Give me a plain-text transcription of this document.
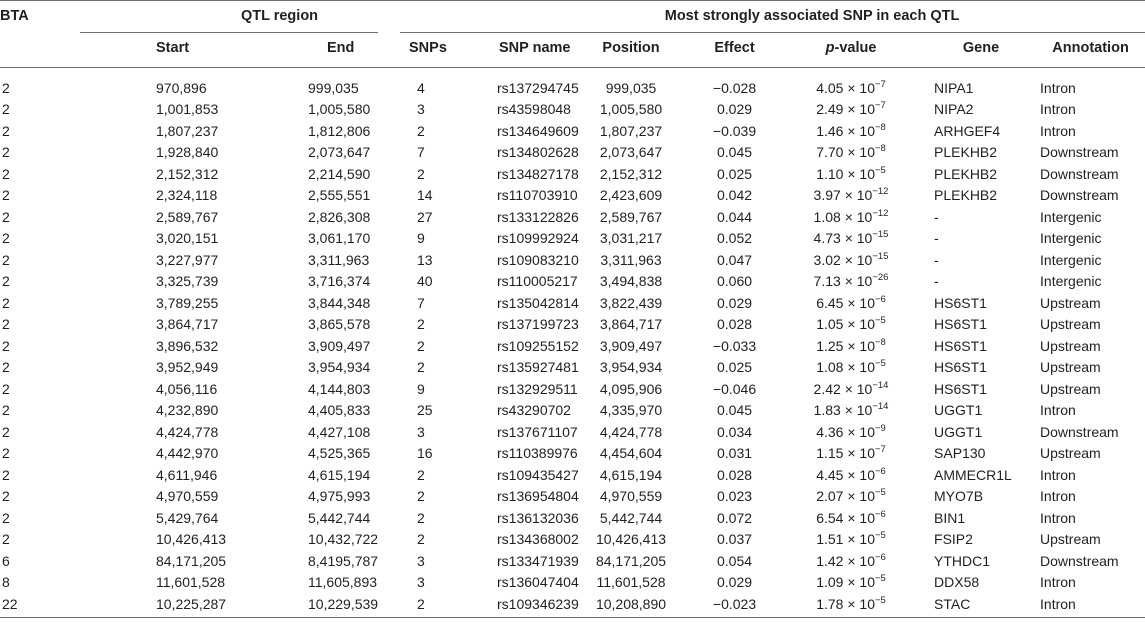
BTA	QTL region			Most strongly associated SNP in each QTL					
	Start	End	SNPs	SNP name	Position	Effect	p-value	Gene	Annotation
2	970,896	999,035	4	rs137294745	999,035	−0.028	$4.05 \times 10^{-7}$	NIPA1	Intron
2	1,001,853	1,005,580	3	rs43598048	1,005,580	0.029	$2.49 \times 10^{-7}$	NIPA2	Intron
2	1,807,237	1,812,806	2	rs134649609	1,807,237	−0.039	$1.46 \times 10^{-8}$	ARHGEF4	Intron
2	1,928,840	2,073,647	7	rs134802628	2,073,647	0.045	$7.70 \times 10^{-8}$	PLEKHB2	Downstream
2	2,152,312	2,214,590	2	rs134827178	2,152,312	0.025	$1.10 \times 10^{-5}$	PLEKHB2	Downstream
2	2,324,118	2,555,551	14	rs110703910	2,423,609	0.042	$3.97 \times 10^{-12}$	PLEKHB2	Downstream
2	2,589,767	2,826,308	27	rs133122826	2,589,767	0.044	$1.08 \times 10^{-12}$	-	Intergenic
2	3,020,151	3,061,170	9	rs109992924	3,031,217	0.052	$4.73 \times 10^{-15}$	-	Intergenic
2	3,227,977	3,311,963	13	rs109083210	3,311,963	0.047	$3.02 \times 10^{-15}$	-	Intergenic
2	3,325,739	3,716,374	40	rs110005217	3,494,838	0.060	$7.13 \times 10^{-26}$	-	Intergenic
2	3,789,255	3,844,348	7	rs135042814	3,822,439	0.029	$6.45 \times 10^{-6}$	HS6ST1	Upstream
2	3,864,717	3,865,578	2	rs137199723	3,864,717	0.028	$1.05 \times 10^{-5}$	HS6ST1	Upstream
2	3,896,532	3,909,497	2	rs109255152	3,909,497	−0.033	$1.25 \times 10^{-8}$	HS6ST1	Upstream
2	3,952,949	3,954,934	2	rs135927481	3,954,934	0.025	$1.08 \times 10^{-5}$	HS6ST1	Upstream
2	4,056,116	4,144,803	9	rs132929511	4,095,906	−0.046	$2.42 \times 10^{-14}$	HS6ST1	Upstream
2	4,232,890	4,405,833	25	rs43290702	4,335,970	0.045	$1.83 \times 10^{-14}$	UGGT1	Intron
2	4,424,778	4,427,108	3	rs137671107	4,424,778	0.034	$4.36 \times 10^{-9}$	UGGT1	Downstream
2	4,442,970	4,525,365	16	rs110389976	4,454,604	0.031	$1.15 \times 10^{-7}$	SAP130	Upstream
2	4,611,946	4,615,194	2	rs109435427	4,615,194	0.028	$4.45 \times 10^{-6}$	AMMECR1L	Intron
2	4,970,559	4,975,993	2	rs136954804	4,970,559	0.023	$2.07 \times 10^{-5}$	MYO7B	Intron
2	5,429,764	5,442,744	2	rs136132036	5,442,744	0.072	$6.54 \times 10^{-6}$	BIN1	Intron
2	10,426,413	10,432,722	2	rs134368002	10,426,413	0.037	$1.51 \times 10^{-5}$	FSIP2	Upstream
6	84,171,205	8,4195,787	3	rs133471939	84,171,205	0.054	$1.42 \times 10^{-6}$	YTHDC1	Downstream
8	11,601,528	11,605,893	3	rs136047404	11,601,528	0.029	$1.09 \times 10^{-5}$	DDX58	Intron
22	10,225,287	10,229,539	2	rs109346239	10,208,890	−0.023	$1.78 \times 10^{-5}$	STAC	Intron
